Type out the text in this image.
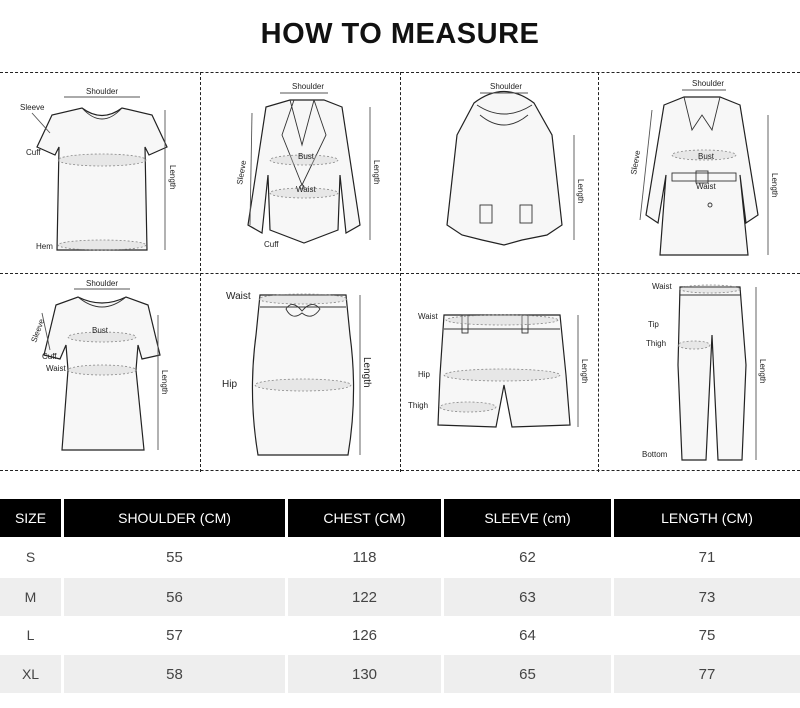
HOW TO MEASURE
Shoulder
Sleeve
Cuff
Hem
Length
Shoulder
Sleeve
Bust
Waist
Cuff
Length
Shoulder
Length
Shoulder
Sleeve	Bust
Waist	Length
Shoulder
Sleeve	Bust
Cuff
Waist
Length
Waist
Hip	Length
Waist
Hip
Thigh
Length
Waist
Tip
Thigh
Bottom
Length
SIZE	SHOULDER (CM)	CHEST (CM)	SLEEVE (cm)	LENGTH (CM)
S	55	118	62	71
M	56	122	63	73
L	57	126	64	75
XL	58	130	65	77
